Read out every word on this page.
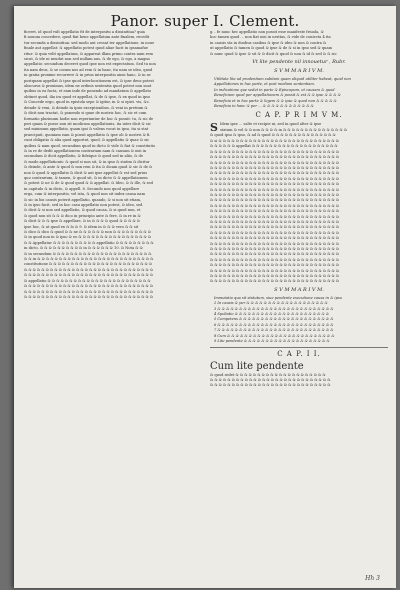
Panor. super I. Clement.
ficeret, id quod vult appellatio fit de interpositu a dissinitiua? quia
fi nouum concedere, quod fiat bene appellatum ante finalem, recedit
tur secunda a dissinitiua: sed modo aut cessat ter appellatione, in noue
finale aut appellat: & appellatio potest quod aliae facit in ipsamafue
ritur: & quia velit appellatum, & appareat illam primo contra nam rem
sicut, & ide ni neudut non sed nullam aus, & de ego, & ego, a magno
appellatio: secundum deceret quod ipse non est expectatum. Sed tu non
ita nam deus, & se coram nos ad rem & in hanc, ita nam se ideo, quod
in gratia proxime recurrere & in prius interpositio ainsi hanc, & in se
postquam appellat & ipse quod interlocutionem est, & ipse deus potest
obscurus & proximus, idem ne ordinis sententia quod potest non sunt
quibus in ea facta, et eam inde de ponendo ad mandatum & appellato
obtinet quod, ilia ira quod et appellat, & de & ipse, & ex quod in ipso
& Concede ergo, quod in epistola sepe & igitur, in & si epist. vis, &c.
deinde & veni, & deinde in ipsis exceptionibus, & veni in pretium &
& dicit non tractat, & ponendo si quae de nostris hoc, & sic et cum
formatio plurimum hodie non reperiuntur de hoc & posuit: tu, & sic de
peri quam & posse non sit modicum appellationis, ita inter dicit & sic
sed minimum appellatio, quam ipsi & valens vocat in ipso, ita si stat
praecipuit, quoniam eam & possit appellatio & ipse ob & nostris & fi.
cunt obligatio & alia quod apportat, quod, & appellatio & quae & sic
quibus & nam quod, secundum quod in dicto & vide & fiat & constitutio
& in re de dedit appellationem contrariam nam & causam & nisi in
secundum & dicit appellatio, & fideique & quod sed in aliis, & de
& modo appellationis: & quod si non sit, & in ipso & statim & dicitur
& deinde, & ante & quod & non rem & ita & dicam quod & sic & de &
non & quod & appellatio & dicit & aut ipse appellat & est sed prius
quo contrarium, & tamen, & quod sit, & in dicto & & appellationem
& potest & ne & de & quod quod & & appellat. & Ideo, & & ille, & sed
in capitulo & in dicto, & appell. 8. Secundo non quod appellare
ergo, cum & interpositio, vel ista, & quod non sit iudex causa nam
& sic in his causis poterit appellatio, quando, & si non sit etiam,
& in ipso facit, sed in hoc casu appellatio non potest, & ideo, sed
& dicit & si non sed appellatio, & quod causa, & si quod non, et
& quod non sit & & & dico in principio ante & fere, & in re in &
& dicit & & & ipse & appellare, & in & & & & quod & & & & &
ipse hoc, & ut quod ex & lo & 9. & idem in & & & vero & & sit
& dico & dico & quod & & ne & & & & & & non & & & & & & & & &
& in quod non in & ipso & eo & & & & & & & & & & & & & & & & &
& & Appellatur & & & & & & & & & & appellatio & & & & & & & & &
in dicto, & & & & & & & & & & in & & & & & & 10. & Nota & &
& in secundum & & & & & & & & & & & & & & & & & & & & & & &
& & in & & & & & & & & & & & & & & & & & & & & & & & & & & &
constitutione & & & & & & & & & & & & & & & & & & & & & & & &
& & & & & & & & & & & & & & & & & & & & & & & & & & & & & &
& & & & & & & & & & & & & & & & & & & & & & & & & & & & & &
& appellatio & & & & & & & & & & & & & & & & & & & & & & & &
& & & & & & & & & & & & & & & & & & & & & & & & & & & & & &
& & & & & & & & & & & & & & & & & & & & & & & & & & & & & &
& & & & & & & & & & & & & & & & & & & & & & & & & & & & & &
g... fe nunc hec appellatio non possit esse manifeste friuola, &
hoc tamen quod ... non fiat nisi in ueritas, & vide de coniecta 4 ita
in causis sta in duobus casibus & ipse & ideo & non & contra &
ut appellatio & tamen & quod & ipse & de & si in ipso sed & quam
& nunc quod & ipse & sit & & dicit & quod & non & id & sed & & sic
Vt lite pendente nil innouetur , Rubr.
S V M M A R I V M.
Vtilitate lite ad prudentiam subitam quam aliquid utiliter habeat, quod non
Appellationes in hac parte, et post mediam sententiam.
In indicatione que sedet in parte & Episcopum, et causam & quod
Beneficium quod per appellationem & possit & est & & ipse & & & &
Beneficia et in hac parte & legem & & ipse & quod non & & & & &
Beneficia in hanc & per ... & & & & & & & & & & & &
C A P. P R I M V M.
S Idem ipse ... salte et recipie ni, sed in quod alter & ipse
statum & vel & & non & & & & in & & & & & & & & & & & & & & &
& quod ipso & ipso, & ad & quod & & & & & & & & & & & & & & &
& si & & & & & & & & & & & & & & & & & & & & & & & & & & & &
& & & & & & appellat & & & & & & & & & & & & & & & & & & & &
& & & & & & & & & & & & & & & & & & & & & & & & & & & & & &
& & & & & & & & & & & & & & & & & & & & & & & & & & & & & &
& & & & & & & & & & & & & & & & & & & & & & & & & & & & & &
& & & & & & & & & & & & & & & & & & & & & & & & & & & & & &
& & & & & & & & & & & & & & & & & & & & & & & & & & & & & &
& & & & & & & & & & & & & & & & & & & & & & & & & & & & & &
& & & & & & & & & & & & & & & & & & & & & & & & & & & & & &
& & & & & & & & & & & & & & & & & & & & & & & & & & & & & &
& & & & & & & & & & & & & & & & & & & & & & & & & & & & & &
& & & & & & & & & & & & & & & & & & & & & & & & & & & & & &
& & & & & & & & & & & & & & & & & & & & & & & & & & & & & &
& & & & & & & & & & & & & & & & & & & & & & & & & & & & & &
& & & & & & & & & & & & & & & & & & & & & & & & & & & & & &
& & & & & & & & & & & & & & & & & & & & & & & & & & & & & &
& & & & & & & & & & & & & & & & & & & & & & & & & & & & & &
& & & & & & & & & & & & & & & & & & & & & & & & & & & & & &
& & & & & & & & & & & & & & & & & & & & & & & & & & & & & &
& & & & & & & & & & & & & & & & & & & & & & & & & & & & & &
& & & & & & & & & & & & & & & & & & & & & & & & & & & & & &
& & & & & & & & & & & & & & & & & & & & & & & & & & & & & &
& & & & & & & & & & & & & & & & & & & & & & & & & & & & & &
& & & & & & & & & & & & & & & & & & & & & & & & & & & & & &
& & & & & & & & & & & & & & & & & & & & & & & & & & & & & &
& & & & & & & & & & & & & & & & & & & & & & & & & & & & & &
& & & & & & & & & & & & & & & & & & & & & & & & & & & & & &
S V M M A R I V M.
Immutatio qua sit statutum, siue pendente executione causa in & ipso
2 In causis & per & & & & & & & & & & & & & & & & & & &
3 & & & & & & & & & & & & & & & & & & & & & & & & & & &
4 Spoliatio & & & & & & & & & & & & & & & & & & & & & &
5 Competens & & & & & & & & & & & & & & & & & & & & & &
6 & & & & & & & & & & & & & & & & & & & & & & & & & & &
7 & & & & & & & & & & & & & & & & & & & & & & & & & & &
8 Cum & & & & & & & & & & & & & & & & & & & & & & & & &
9 Lite pendente & & & & & & & & & & & & & & & & & & & &
C A P. I I.
Cum lite pendente
& quod sedet & & & & & & & & & & & & & & & & & & & & &
& & & & & & & & & & & & & & & & & & & & & & & & & & & &
& & & & & & & & & & & & & & & & & & & & & & & & & & & &
Hh 3
